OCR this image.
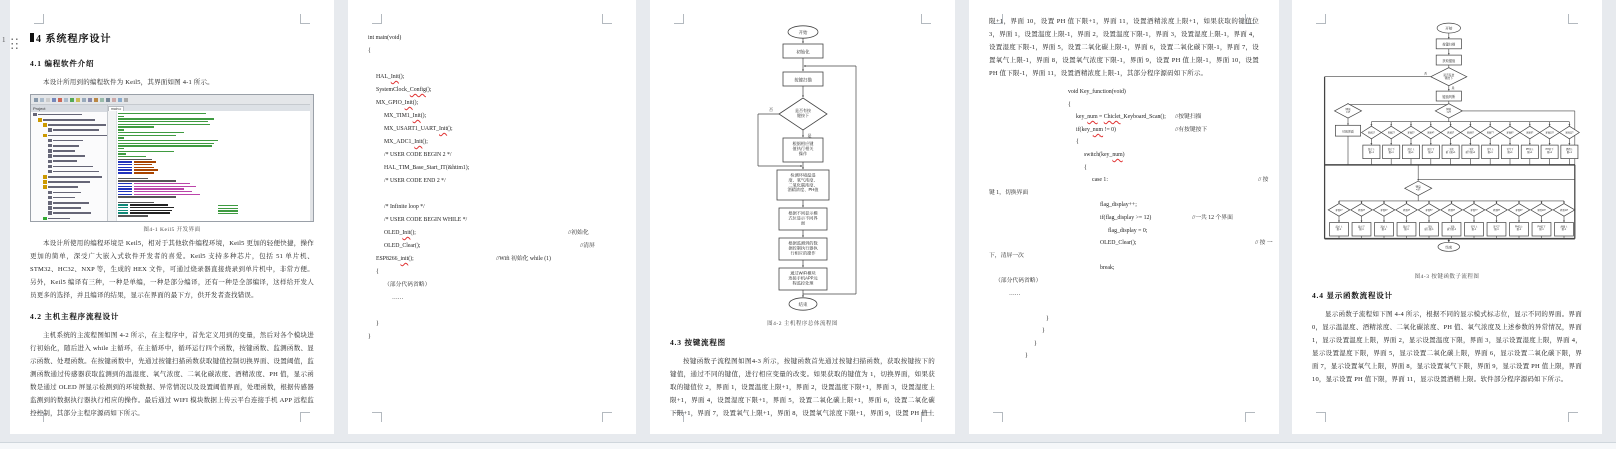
1	4 系统程序设计
4.1 编程软件介绍
本设计所用到的编程软件为 Keil5，其界面如图 4-1 所示。
Project	main.c
图4-1 Keil5 开发界面
本设计所使用的编程环境是 Keil5，相对于其他软件编程环境，Keil5 更加的轻便快捷，操作更加的简单，深受广大嵌入式软件开发者的喜爱。Keil5 支持多种芯片，包括 51 单片机、STM32、HC32、NXP 等，生成的 HEX 文件，可通过烧录器直接烧录到单片机中，非常方便。另外，Keil5 编译有三种，一种是单编，一种是部分编译，还有一种是全部编译，这样给开发人员更多的选择，并且编译的结果，显示在界面的最下方，供开发者查找错误。
4.2 主机主程序流程设计
主机系统的主流程图如图 4-2 所示，在主程序中，首先定义用到的变量，然后对各个模块进行初始化，随后进入 while 主循环，在主循环中，循环运行四个函数，按键函数、监测函数、显示函数、处理函数。在按键函数中，先通过按键扫描函数获取键值控制切换界面、设置阈值，监测函数通过传感器获取监测到的温湿度、氧气浓度、二氧化碳浓度、酒精浓度、PH 值，显示函数是通过 OLED 屏显示检测到的环境数据、异常情况以及设置阈值界面，处理函数，根据传感器监测到的数据执行器执行相应的操作。最后通过 WIFI 模块数据上传云平台连接手机 APP 远程监控控制，其部分主程序源码如下所示。
int main(void)
{
HAL_Init();
SystemClock_Config();
MX_GPIO_Init();
MX_TIM1_Init();
MX_USART1_UART_Init();
MX_ADC1_Init();
/* USER CODE BEGIN 2 */
HAL_TIM_Base_Start_IT(&htim1);
/* USER CODE END 2 */
/* Infinite loop */
/* USER CODE BEGIN WHILE */
OLED_Init();	//初始化
OLED_Clear();	//清屏
ESP8266_init();	//Wifi 初始化 while (1)
{
（部分代码省略）
……
}
}
开始
初始化
按键扫描
是否有按键按下
否
是
根据相应键值执行相关操作
检测环境温湿度、氧气浓度、二氧化碳浓度、酒精浓度、PH值
根据不同显示模式位显示不同界面
根据监测到的数据控制执行器执行相应的操作
通过WIFI模块连接手机APP远程监控处理
结束
图4-2 主机程序总体流程图
4.3 按键流程图
按键函数子流程图如图4-3 所示，按键函数首先通过按键扫描函数，获取按键按下的键值，通过不同的键值，进行相应变量的改变。如果获取的键值为 1，切换界面，如果获取的键值位 2，界面 1，设置温度上限+1，界面 2，设置温度下限+1，界面 3，设置湿度上限+1，界面 4，设置湿度下限+1，界面 5，设置二氧化碳上限+1，界面 6，设置二氧化碳下限+1，界面 7，设置氧气上限+1，界面 8，设置氧气浓度下限+1，界面 9，设置 PH 值上
限+1，界面 10，设置 PH 值下限+1，界面 11，设置酒精浓度上限+1，如果获取的键值位 3，界面 1，设置温度上限-1，界面 2，设置温度下限-1，界面 3，设置湿度上限-1，界面 4，设置湿度下限-1，界面 5，设置二氧化碳上限-1，界面 6，设置二氧化碳下限-1，界面 7，设置氧气上限-1，界面 8，设置氧气浓度下限-1，界面 9，设置 PH 值上限-1，界面 10，设置 PH 值下限-1，界面 11，设置酒精浓度上限-1，其部分程序源码如下所示。
void Key_function(void)
{
key_num = Chiclet_Keyboard_Scan(); //按键扫描
if(key_num != 0)	//有按键按下
{
switch(key_num)
{
case 1:	// 按
键 1，切换界面
flag_display++;
if(flag_display >= 12)	//一共 12 个界面
flag_display = 0;
OLED_Clear();	// 按 一
下，清屏一次
break;
（部分代码省略）
……
}
}
}
}
开始
按键扫描
获取键值
是否有按键按下
否
是
键值判断
键值=1?
键值=2?
切换界面
界面1?
温度上限+1
界面2?
温度下限+1
界面3?
湿度上限+1
界面4?
湿度下限+1
界面5?
二氧化碳上限+1
界面6?
二氧化碳下限+1
界面7?
氧气上限+1
界面8?
氧气下限+1
界面9?
PH值上限+1
界面10?
PH值下限+1
界面11?
酒精上限+1
键值=3?
界面1?
温度上限-1
界面2?
温度下限-1
界面3?
湿度上限-1
界面4?
湿度下限-1
界面5?
二氧化碳上限-1
界面6?
二氧化碳下限-1
界面7?
氧气上限-1
界面8?
氧气下限-1
界面9?
PH值上限-1
界面10?
PH值下限-1
界面11?
酒精上限-1
结束
图4-3 按键函数子流程图
4.4 显示函数流程设计
显示函数子流程如下图 4-4 所示，根据不同的显示模式标志位，显示不同的界面。界面 0，显示温湿度、酒精浓度、二氧化碳浓度、PH 值、氧气浓度及上述参数的异常情况，界面 1，显示设置温度上限，界面 2，显示设置温度下限，界面 3，显示设置湿度上限，界面 4，显示设置湿度下限，界面 5，显示设置二氧化碳上限，界面 6，显示设置二氧化碳下限，界面 7，显示设置氧气上限，界面 8，显示设置氧气下限，界面 9，显示设置 PH 值上限，界面 10，显示设置 PH 值下限，界面 11，显示设置酒精上限。软件部分程序源码如下所示。
